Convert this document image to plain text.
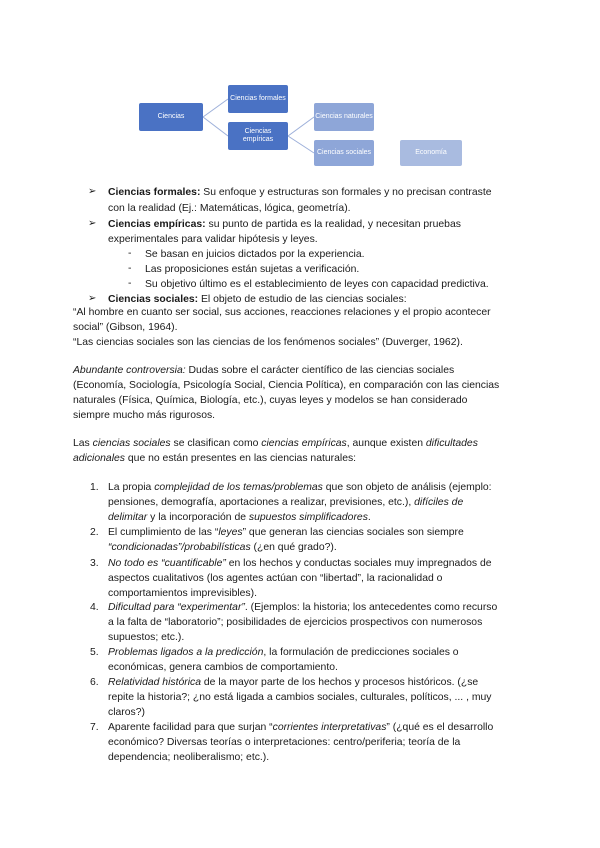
Ciencias
Ciencias formales
Ciencias
empíricas
Ciencias naturales
Ciencias sociales	Economía
➢ Ciencias formales: Su enfoque y estructuras son formales y no precisan contraste
con la realidad (Ej.: Matemáticas, lógica, geometría).
➢ Ciencias empíricas: su punto de partida es la realidad, y necesitan pruebas
experimentales para validar hipótesis y leyes.
- Se basan en juicios dictados por la experiencia.
- Las proposiciones están sujetas a verificación.
- Su objetivo último es el establecimiento de leyes con capacidad predictiva.
➢ Ciencias sociales: El objeto de estudio de las ciencias sociales:
“Al hombre en cuanto ser social, sus acciones, reacciones relaciones y el propio acontecer
social” (Gibson, 1964).
“Las ciencias sociales son las ciencias de los fenómenos sociales” (Duverger, 1962).
Abundante controversia: Dudas sobre el carácter científico de las ciencias sociales
(Economía, Sociología, Psicología Social, Ciencia Política), en comparación con las ciencias
naturales (Física, Química, Biología, etc.), cuyas leyes y modelos se han considerado
siempre mucho más rigurosos.
Las ciencias sociales se clasifican como ciencias empíricas, aunque existen dificultades
adicionales que no están presentes en las ciencias naturales:
1. La propia complejidad de los temas/problemas que son objeto de análisis (ejemplo:
pensiones, demografía, aportaciones a realizar, previsiones, etc.), difíciles de
delimitar y la incorporación de supuestos simplificadores.
2. El cumplimiento de las “leyes” que generan las ciencias sociales son siempre
“condicionadas”/probabilísticas (¿en qué grado?).
3. No todo es “cuantificable” en los hechos y conductas sociales muy impregnados de
aspectos cualitativos (los agentes actúan con “libertad”, la racionalidad o
comportamientos imprevisibles).
4. Dificultad para “experimentar”. (Ejemplos: la historia; los antecedentes como recurso
a la falta de “laboratorio”; posibilidades de ejercicios prospectivos con numerosos
supuestos; etc.).
5. Problemas ligados a la predicción, la formulación de predicciones sociales o
económicas, genera cambios de comportamiento.
6. Relatividad histórica de la mayor parte de los hechos y procesos históricos. (¿se
repite la historia?; ¿no está ligada a cambios sociales, culturales, políticos, ... , muy
claros?)
7. Aparente facilidad para que surjan “corrientes interpretativas” (¿qué es el desarrollo
económico? Diversas teorías o interpretaciones: centro/periferia; teoría de la
dependencia; neoliberalismo; etc.).
